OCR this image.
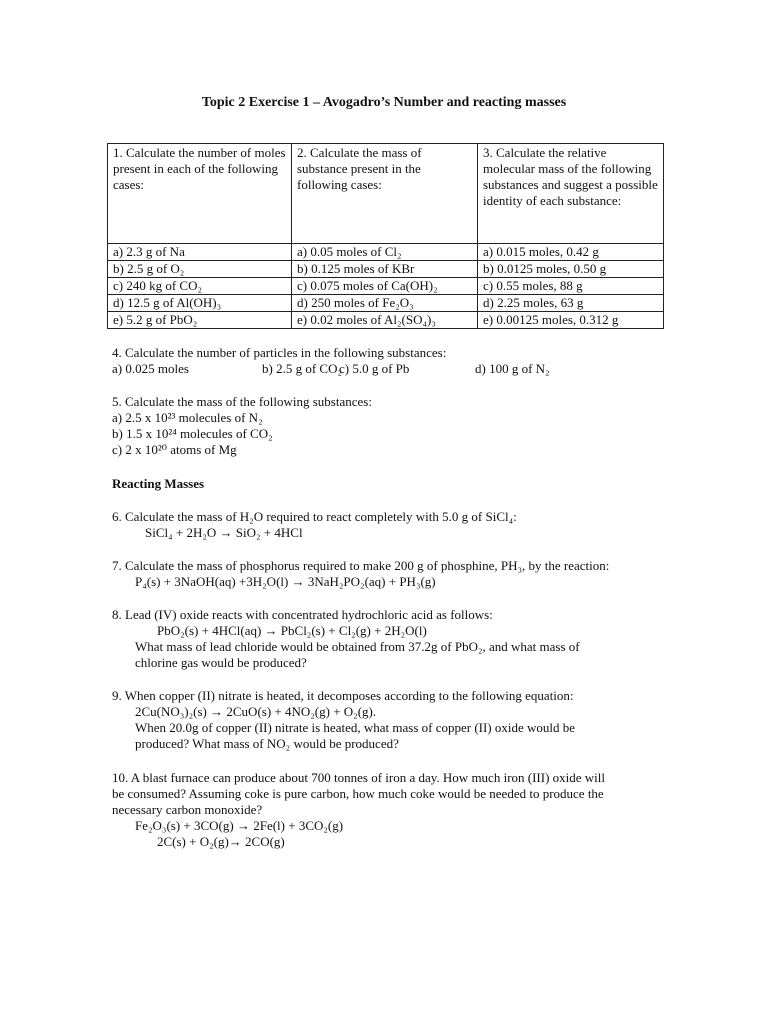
Topic 2 Exercise 1 – Avogadro’s Number and reacting masses
1. Calculate the number of moles present in each of the following cases:	2. Calculate the mass of substance present in the following cases:	3. Calculate the relative molecular mass of the following substances and suggest a possible identity of each substance:
a) 2.3 g of Na	a) 0.05 moles of Cl₂	a) 0.015 moles, 0.42 g
b) 2.5 g of O₂	b) 0.125 moles of KBr	b) 0.0125 moles, 0.50 g
c) 240 kg of CO₂	c) 0.075 moles of Ca(OH)₂	c) 0.55 moles, 88 g
d) 12.5 g of Al(OH)₃	d) 250 moles of Fe₂O₃	d) 2.25 moles, 63 g
e) 5.2 g of PbO₂	e) 0.02 moles of Al₂(SO₄)₃	e) 0.00125 moles, 0.312 g
4. Calculate the number of particles in the following substances:
a) 0.025 moles	b) 2.5 g of CO₂
c) 5.0 g of Pb	d) 100 g of N₂
5. Calculate the mass of the following substances:
a) 2.5 x 10²³ molecules of N₂
b) 1.5 x 10²⁴ molecules of CO₂
c) 2 x 10²⁰ atoms of Mg
Reacting Masses
6. Calculate the mass of H₂O required to react completely with 5.0 g of SiCl₄:
SiCl₄ + 2H₂O → SiO₂ + 4HCl
7. Calculate the mass of phosphorus required to make 200 g of phosphine, PH₃, by the reaction:
P₄(s) + 3NaOH(aq) +3H₂O(l) → 3NaH₂PO₂(aq) + PH₃(g)
8. Lead (IV) oxide reacts with concentrated hydrochloric acid as follows:
PbO₂(s) + 4HCl(aq) → PbCl₂(s) + Cl₂(g) + 2H₂O(l)
What mass of lead chloride would be obtained from 37.2g of PbO₂, and what mass of
chlorine gas would be produced?
9. When copper (II) nitrate is heated, it decomposes according to the following equation:
2Cu(NO₃)₂(s) → 2CuO(s) + 4NO₂(g) + O₂(g).
When 20.0g of copper (II) nitrate is heated, what mass of copper (II) oxide would be
produced? What mass of NO₂ would be produced?
10. A blast furnace can produce about 700 tonnes of iron a day. How much iron (III) oxide will
be consumed? Assuming coke is pure carbon, how much coke would be needed to produce the
necessary carbon monoxide?
Fe₂O₃(s) + 3CO(g) → 2Fe(l) + 3CO₂(g)
2C(s) + O₂(g)→ 2CO(g)
